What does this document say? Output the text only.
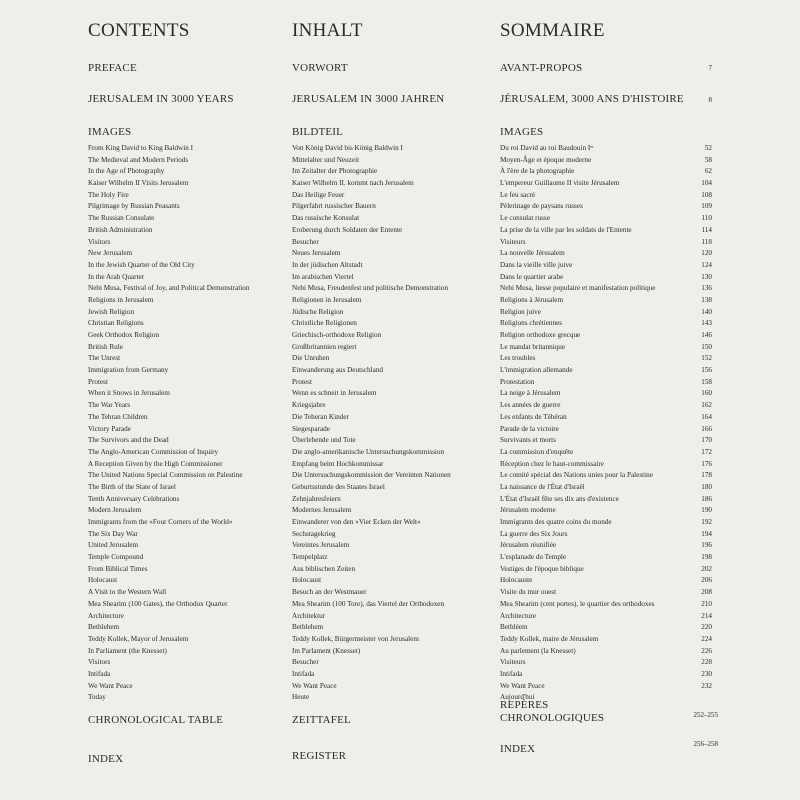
CONTENTS
PREFACE
JERUSALEM IN 3000 YEARS
IMAGES
From King David to King Baldwin I
The Medieval and Modern Periods
In the Age of Photography
Kaiser Wilhelm II Visits Jerusalem
The Holy Fire
Pilgrimage by Russian Peasants
The Russian Consulate
British Administration
Visitors
New Jerusalem
In the Jewish Quarter of the Old City
In the Arab Quarter
Nebi Musa, Festival of Joy, and Political Demonstration
Religions in Jerusalem
Jewish Religion
Christian Religions
Geek Orthodox Religion
British Rule
The Unrest
Immigration from Germany
Protest
When it Snows in Jerusalem
The War Years
The Tehran Children
Victory Parade
The Survivors and the Dead
The Anglo-American Commission of Inquiry
A Reception Given by the High Commissioner
The United Nations Special Commission on Palestine
The Birth of the State of Israel
Tenth Anniversary Celebrations
Modern Jerusalem
Immigrants from the »Four Corners of the World«
The Six Day War
United Jerusalem
Temple Compound
From Biblical Times
Holocaust
A Visit to the Western Wall
Mea Shearim (100 Gates), the Orthodox Quarter
Architecture
Bethlehem
Teddy Kollek, Mayor of Jerusalem
In Parliament (the Knesset)
Visitors
Intifada
We Want Peace
Today
CHRONOLOGICAL TABLE
INDEX
INHALT
VORWORT
JERUSALEM IN 3000 JAHREN
BILDTEIL
Von König David bis König Baldwin I
Mittelalter und Neuzeit
Im Zeitalter der Photographie
Kaiser Wilhelm II. kommt nach Jerusalem
Das Heilige Feuer
Pilgerfahrt russischer Bauern
Das russische Konsulat
Eroberung durch Soldaten der Entente
Besucher
Neues Jerusalem
In der jüdischen Altstadt
Im arabischen Viertel
Nebi Musa, Freudenfest und politische Demonstration
Religionen in Jerusalem
Jüdische Religion
Christliche Religionen
Griechisch-orthodoxe Religion
Großbritannien regiert
Die Unruhen
Einwanderung aus Deutschland
Protest
Wenn es schneit in Jerusalem
Kriegsjahre
Die Teheran Kinder
Siegesparade
Überlebende und Tote
Die anglo-amerikanische Untersuchungskommission
Empfang beim Hochkommissar
Die Untersuchungskommission der Vereinten Nationen
Geburtsstunde des Staates Israel
Zehnjahresfeiern
Modernes Jerusalem
Einwanderer von den »Vier Ecken der Welt«
Sechstagekrieg
Vereintes Jerusalem
Tempelplatz
Aus biblischen Zeiten
Holocaust
Besuch an der Westmauer
Mea Shearim (100 Tore), das Viertel der Orthodoxen
Architektur
Bethlehem
Teddy Kollek, Bürgermeister von Jerusalem
Im Parlament (Knesset)
Besucher
Intifada
We Want Peace
Heute
ZEITTAFEL
REGISTER
SOMMAIRE
AVANT-PROPOS	7
JÉRUSALEM, 3000 ANS D'HISTOIRE	8
IMAGES
Du roi David au roi Baudouin Iᵉʳ	52
Moyen-Âge et époque moderne	58
À l'ère de la photographie	62
L'empereur Guillaume II visite Jérusalem	104
Le feu sacré	108
Pèlerinage de paysans russes	109
Le consulat russe	110
La prise de la ville par les soldats de l'Entente	114
Visiteurs	118
La nouvelle Jérusalem	120
Dans la vieille ville juive	124
Dans le quartier arabe	130
Nebi Musa, liesse populaire et manifestation politique	136
Religions à Jérusalem	138
Religion juive	140
Religions chrétiennes	143
Religion orthodoxe grecque	146
Le mandat britannique	150
Les troubles	152
L'immigration allemande	156
Protestation	158
La neige à Jérusalem	160
Les années de guerre	162
Les enfants de Téhéran	164
Parade de la victoire	166
Survivants et morts	170
La commission d'enquête	172
Réception chez le haut-commissaire	176
Le comité spécial des Nations unies pour la Palestine	178
La naissance de l'État d'Israël	180
L'État d'Israël fête ses dix ans d'existence	186
Jérusalem moderne	190
Immigrants des quatre coins du monde	192
La guerre des Six Jours	194
Jérusalem réunifiée	196
L'esplanade du Temple	198
Vestiges de l'époque biblique	202
Holocauste	206
Visite du mur ouest	208
Mea Shearim (cent portes), le quartier des orthodoxes	210
Architecture	214
Bethléem	220
Teddy Kollek, maire de Jérusalem	224
Au parlement (la Knesset)	226
Visiteurs	228
Intifada	230
We Want Peace	232
Aujourd'hui
REPÈRES
CHRONOLOGIQUES	252–255
INDEX	256–258
